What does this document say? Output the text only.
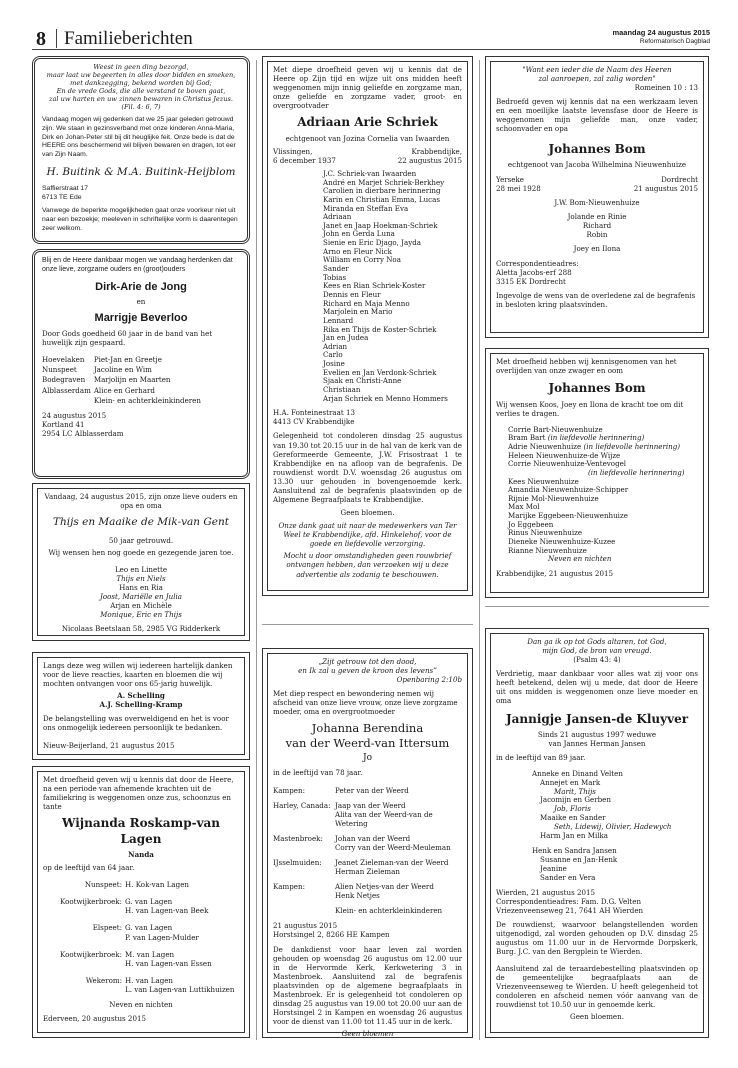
8 Familieberichten	maandag 24 augustus 2015
Reformatorisch Dagblad
Weest in geen ding bezorgd,
maar laat uw begeerten in alles door bidden en smeken,
met dankzegging, bekend worden bij God;
En de vrede Gods, die alle verstand te boven gaat,
zal uw harten en uw zinnen bewaren in Christus Jezus.
(Fil. 4: 6, 7)

Vandaag mogen wij gedenken dat we 25 jaar geleden getrouwd zijn. We staan in gezinsverband met onze kinderen Anna-Maria, Dirk en Johan-Peter stil bij dit heuglijke feit. Onze bede is dat de HEERE ons beschermend wil blijven bewaren en dragen, tot eer van Zijn Naam.

H. Buitink & M.A. Buitink-Heijblom
Saffierstraat 17
6713 TE Ede

Vanwege de beperkte mogelijkheden gaat onze voorkeur niet uit naar een bezoekje; meeleven in schriftelijke vorm is daarentegen zeer welkom.

Blij en de Heere dankbaar mogen we vandaag herdenken dat onze lieve, zorgzame ouders en (groot)ouders

Dirk-Arie de Jong
en
Marrigje Beverloo

Door Gods goedheid 60 jaar in de band van het huwelijk zijn gespaard.

Hoevelaken	Piet-Jan en Greetje
Nunspeet	Jacoline en Wim
Bodegraven	Marjolijn en Maarten
Alblasserdam	Alice en Gerhard
	Klein- en achterkleinkinderen
24 augustus 2015
Kortland 41
2954 LC Alblasserdam

Vandaag, 24 augustus 2015, zijn onze lieve ouders en opa en oma

Thijs en Maaike de Mik-van Gent

50 jaar getrouwd.

Wij wensen hen nog goede en gezegende jaren toe.

Leo en Linette
Thijs en Niels
Hans en Ria
Joost, Mariëlle en Julia
Arjan en Michèle
Monique, Eric en Thijs
Nicolaas Beetslaan 58, 2985 VG Ridderkerk

Langs deze weg willen wij iedereen hartelijk danken voor de lieve reacties, kaarten en bloemen die wij mochten ontvangen voor ons 65-jarig huwelijk.

A. Schelling
A.J. Schelling-Kramp

De belangstelling was overweldigend en het is voor ons onmogelijk iedereen persoonlijk te bedanken.

Nieuw-Beijerland, 21 augustus 2015

Met droefheid geven wij u kennis dat door de Heere, na een periode van afnemende krachten uit de familiekring is weggenomen onze zus, schoonzus en tante

Wijnanda Roskamp-van Lagen
Nanda

op de leeftijd van 64 jaar.

Nunspeet:	H. Kok-van Lagen

Kootwijkerbroek:	G. van Lagen
H. van Lagen-van Beek

Elspeet:	G. van Lagen
P. van Lagen-Mulder

Kootwijkerbroek:	M. van Lagen
H. van Lagen-van Essen

Wekerom:	H. van Lagen
L. van Lagen-van Luttikhuizen
Neven en nichten
Ederveen, 20 augustus 2015

Met diepe droefheid geven wij u kennis dat de Heere op Zijn tijd en wijze uit ons midden heeft weggenomen mijn innig geliefde en zorgzame man, onze geliefde en zorgzame vader, groot- en overgrootvader

Adriaan Arie Schriek
echtgenoot van Jozina Cornelia van Iwaarden
Vlissingen,
6 december 1937
Krabbendijke,
22 augustus 2015
J.C. Schriek-van Iwaarden
André en Marjet Schriek-Berkhey
Carolien in dierbare herinnering
Karin en Christian Emma, Lucas
Miranda en Steffan Eva
Adriaan
Janet en Jaap Hoekman-Schriek
John en Gerda Luna
Sienie en Eric Djago, Jayda
Arno en Fleur Nick
William en Corry Noa
Sander
Tobias
Kees en Rian Schriek-Koster
Dennis en Fleur
Richard en Maja Menno
Marjolein en Mario
Lennard
Rika en Thijs de Koster-Schriek
Jan en Judea
Adrian
Carlo
Josine
Evelien en Jan Verdonk-Schriek
Sjaak en Christi-Anne
Christiaan
Arjan Schriek en Menno Hommers
H.A. Fonteinestraat 13
4413 CV Krabbendijke

Gelegenheid tot condoleren dinsdag 25 augustus van 19.30 tot 20.15 uur in de hal van de kerk van de Gereformeerde Gemeente, J.W. Frisostraat 1 te Krabbendijke en na afloop van de begrafenis. De rouwdienst wordt D.V. woensdag 26 augustus om 13.30 uur gehouden in bovengenoemde kerk. Aansluitend zal de begrafenis plaatsvinden op de Algemene Begraafplaats te Krabbendijke.

Geen bloemen.

Onze dank gaat uit naar de medewerkers van Ter Weel te Krabbendijke, afd. Hinkelehof, voor de goede en liefdevolle verzorging.

Mocht u door omstandigheden geen rouwbrief ontvangen hebben, dan verzoeken wij u deze advertentie als zodanig te beschouwen.

„Zijt getrouw tot den dood,
en Ik zal u geven de kroon des levens”
Openbaring 2:10b

Met diep respect en bewondering nemen wij afscheid van onze lieve vrouw, onze lieve zorgzame moeder, oma en overgrootmoeder

Johanna Berendina
van der Weerd-van Ittersum
Jo

in de leeftijd van 78 jaar.

Kampen:	Peter van der Weerd

Harley, Canada:	Jaap van der Weerd
Alita van der Weerd-van de Wetering

Mastenbroek:	Johan van der Weerd
Corry van der Weerd-Meuleman

IJsselmuiden:	Jeanet Zieleman-van der Weerd
Herman Zieleman

Kampen:	Alien Netjes-van der Weerd
Henk Netjes

	Klein- en achterkleinkinderen
21 augustus 2015
Horstsingel 2, 8266 HE Kampen

De dankdienst voor haar leven zal worden gehouden op woensdag 26 augustus om 12.00 uur in de Hervormde Kerk, Kerkwetering 3 in Mastenbroek. Aansluitend zal de begrafenis plaatsvinden op de algemene begraafplaats in Mastenbroek. Er is gelegenheid tot condoleren op dinsdag 25 augustus van 19.00 tot 20.00 uur aan de Horstsingel 2 in Kampen en woensdag 26 augustus voor de dienst van 11.00 tot 11.45 uur in de kerk.

Geen bloemen
"Want een ieder die de Naam des Heeren
zal aanroepen, zal zalig worden"
Romeinen 10 : 13

Bedroefd geven wij kennis dat na een werkzaam leven en een moeilijke laatste levensfase door de Heere is weggenomen mijn geliefde man, onze vader, schoonvader en opa

Johannes Bom
echtgenoot van Jacoba Wilhelmina Nieuwenhuize
Yerseke
28 mei 1928
Dordrecht
21 augustus 2015
J.W. Bom-Nieuwenhuize
Jolande en Rinie
Richard
Robin
Joey en Ilona
Correspondentieadres:
Aletta Jacobs-erf 288
3315 EK Dordrecht

Ingevolge de wens van de overledene zal de begrafenis in besloten kring plaatsvinden.

Met droefheid hebben wij kennisgenomen van het overlijden van onze zwager en oom

Johannes Bom

Wij wensen Koos, Joey en Ilona de kracht toe om dit verlies te dragen.

Corrie Bart-Nieuwenhuize
Bram Bart (in liefdevolle herinnering)
Adrie Nieuwenhuize (in liefdevolle herinnering)
Heleen Nieuwenhuize-de Wijze
Corrie Nieuwenhuize-Ventevogel
(in liefdevolle herinnering)
Kees Nieuwenhuize
Amandia Nieuwenhuize-Schipper
Rijnie Mol-Nieuwenhuize
Max Mol
Marijke Eggebeen-Nieuwenhuize
Jo Eggebeen
Rinus Nieuwenhuize
Dieneke Nieuwenhuize-Kuzee
Rianne Nieuwenhuize
Neven en nichten
Krabbendijke, 21 augustus 2015
Dan ga ik op tot Gods altaren, tot God,
mijn God, de bron van vreugd.
(Psalm 43: 4)

Verdrietig, maar dankbaar voor alles wat zij voor ons heeft betekend, delen wij u mede, dat door de Heere uit ons midden is weggenomen onze lieve moeder en oma

Jannigje Jansen-de Kluyver
Sinds 21 augustus 1997 weduwe
van Jannes Herman Jansen

in de leeftijd van 89 jaar.

Anneke en Dinand Velten
Annejet en Mark
Marit, Thijs
Jacomijn en Gerben
Job, Floris
Maaike en Sander
Seth, Lidewij, Olivier, Hadewych
Harm Jan en Milka
Henk en Sandra Jansen
Susanne en Jan-Henk
Jeanine
Sander en Vera
Wierden, 21 augustus 2015
Correspondentieadres: Fam. D.G. Velten
Vriezenveenseweg 21, 7641 AH Wierden

De rouwdienst, waarvoor belangstellenden worden uitgenodigd, zal worden gehouden op D.V. dinsdag 25 augustus om 11.00 uur in de Hervormde Dorpskerk, Burg. J.C. van den Bergplein te Wierden.

Aansluitend zal de teraardebestelling plaatsvinden op de gemeentelijke begraafplaats aan de Vriezenveenseweg te Wierden. U heeft gelegenheid tot condoleren en afscheid nemen vóór aanvang van de rouwdienst tot 10.50 uur in genoemde kerk.

Geen bloemen.
